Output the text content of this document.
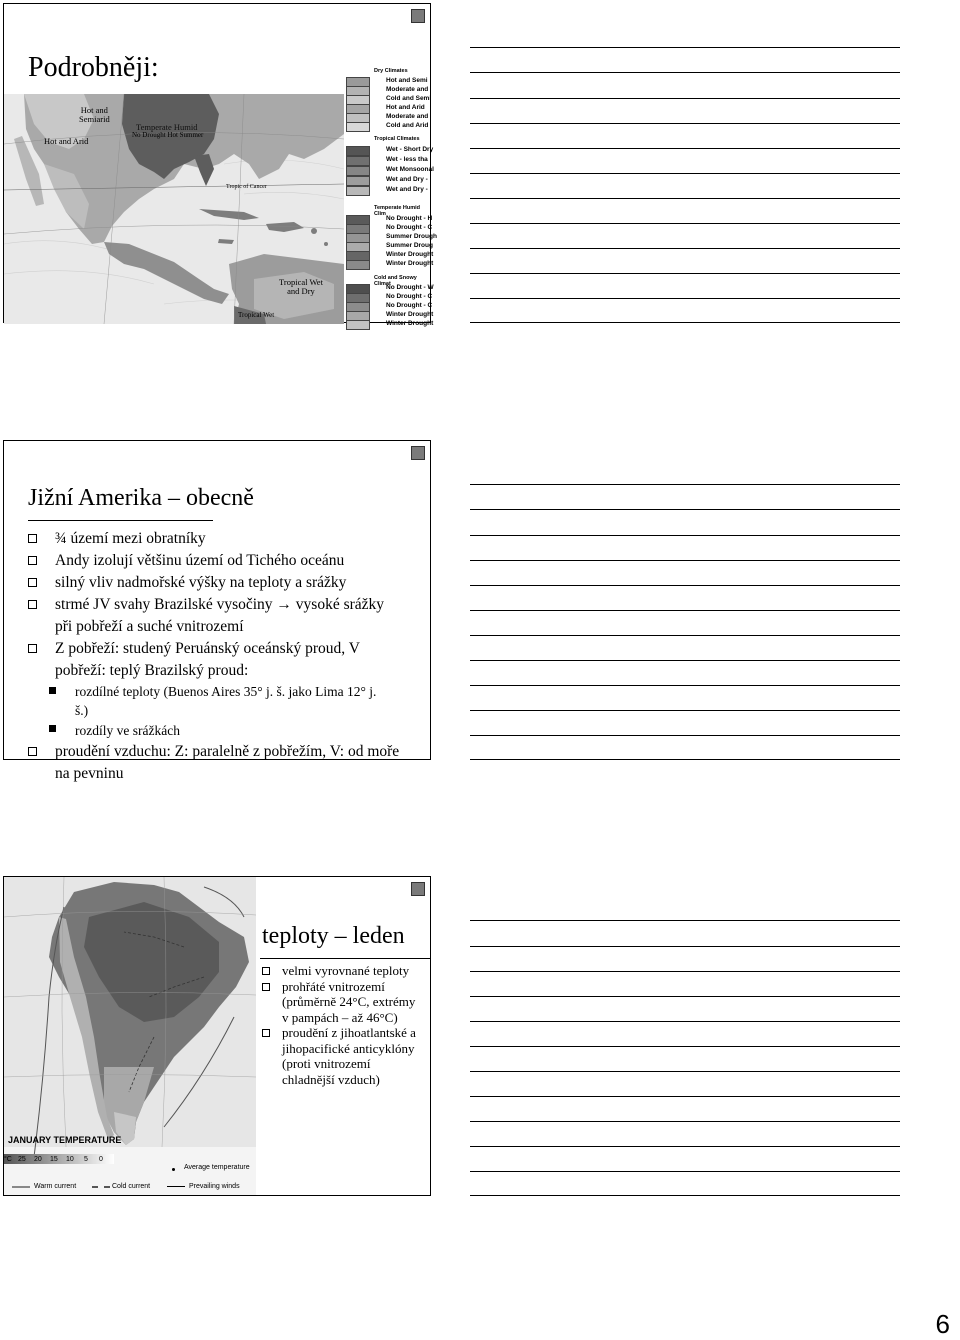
Hot and
Semiarid
Hot and Arid
Temperate Humid
No Drought Hot Summer
Tropic of Cancer
Tropical Wet
and Dry
Tropical Wet
Podrobněji:	Dry Climates
Hot and Semi
Moderate and
Cold and Semi
Hot and Arid
Moderate and
Cold and Arid
Tropical Climates
Wet - Short Dry
Wet - less tha
Wet Monsoonal
Wet and Dry -
Wet and Dry -
Temperate Humid Clim
No Drought - H
No Drought - C
Summer Drough
Summer Droug
Winter Drought
Winter Drought
Cold and Snowy Climat
No Drought - W
No Drought - C
No Drought - C
Winter Drought
Winter Drought
Jižní Amerika – obecně
¾ území mezi obratníky
Andy izolují většinu území od Tichého oceánu
silný vliv nadmořské výšky na teploty a srážky
strmé JV svahy Brazilské vysočiny → vysoké srážky při pobřeží a suché vnitrozemí
Z pobřeží: studený Peruánský oceánský proud, V pobřeží: teplý Brazilský proud:
rozdílné teploty (Buenos Aires 35° j. š. jako Lima 12° j. š.)
rozdíly ve srážkách
proudění vzduchu: Z: paralelně z pobřežím, V: od moře na pevninu
JANUARY TEMPERATURE
°C 25 20 15 10 5 0
Average temperature
Warm current	Cold current	Prevailing winds
teploty – leden
velmi vyrovnané teploty
prohřáté vnitrozemí (průměrně 24°C, extrémy v pampách – až 46°C)
proudění z jihoatlantské a jihopacifické anticyklóny (proti vnitrozemí chladnější vzduch)
6
